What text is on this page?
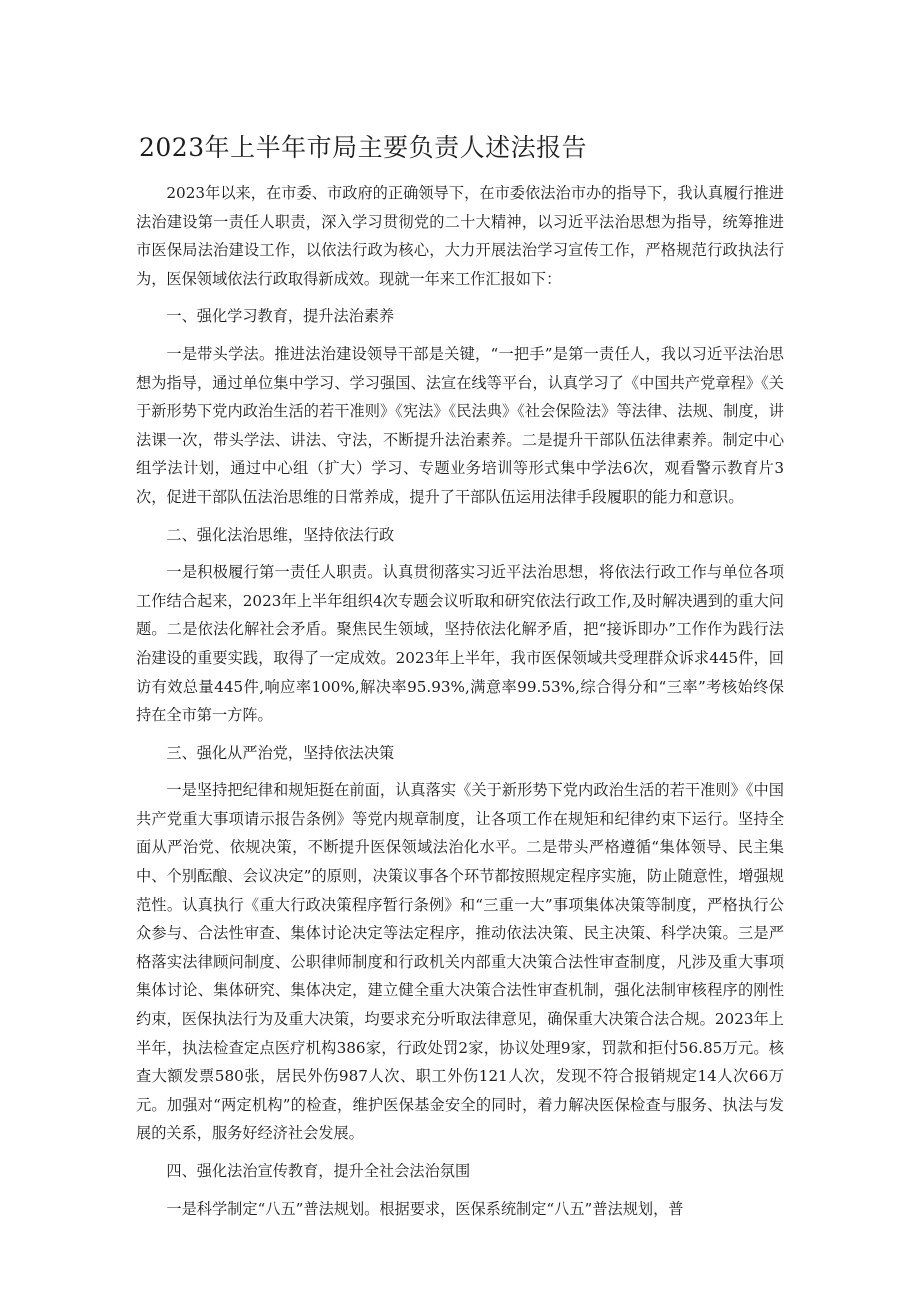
2023年上半年市局主要负责人述法报告

2023年以来，在市委、市政府的正确领导下，在市委依法治市办的指导下，我认真履行推进法治建设第一责任人职责，深入学习贯彻党的二十大精神，以习近平法治思想为指导，统筹推进市医保局法治建设工作，以依法行政为核心，大力开展法治学习宣传工作，严格规范行政执法行为，医保领域依法行政取得新成效。现就一年来工作汇报如下：

一、强化学习教育，提升法治素养

一是带头学法。推进法治建设领导干部是关键，“一把手”是第一责任人，我以习近平法治思想为指导，通过单位集中学习、学习强国、法宣在线等平台，认真学习了《中国共产党章程》《关于新形势下党内政治生活的若干准则》《宪法》《民法典》《社会保险法》等法律、法规、制度，讲法课一次，带头学法、讲法、守法，不断提升法治素养。二是提升干部队伍法律素养。制定中心组学法计划，通过中心组（扩大）学习、专题业务培训等形式集中学法6次，观看警示教育片3次，促进干部队伍法治思维的日常养成，提升了干部队伍运用法律手段履职的能力和意识。

二、强化法治思维，坚持依法行政

一是积极履行第一责任人职责。认真贯彻落实习近平法治思想，将依法行政工作与单位各项工作结合起来，2023年上半年组织4次专题会议听取和研究依法行政工作,及时解决遇到的重大问题。二是依法化解社会矛盾。聚焦民生领域，坚持依法化解矛盾，把“接诉即办”工作作为践行法治建设的重要实践，取得了一定成效。2023年上半年，我市医保领域共受理群众诉求445件，回访有效总量445件,响应率100%,解决率95.93%,满意率99.53%,综合得分和“三率”考核始终保持在全市第一方阵。

三、强化从严治党，坚持依法决策

一是坚持把纪律和规矩挺在前面，认真落实《关于新形势下党内政治生活的若干准则》《中国共产党重大事项请示报告条例》等党内规章制度，让各项工作在规矩和纪律约束下运行。坚持全面从严治党、依规决策，不断提升医保领域法治化水平。二是带头严格遵循“集体领导、民主集中、个别酝酿、会议决定”的原则，决策议事各个环节都按照规定程序实施，防止随意性，增强规范性。认真执行《重大行政决策程序暂行条例》和“三重一大”事项集体决策等制度，严格执行公众参与、合法性审查、集体讨论决定等法定程序，推动依法决策、民主决策、科学决策。三是严格落实法律顾问制度、公职律师制度和行政机关内部重大决策合法性审查制度，凡涉及重大事项集体讨论、集体研究、集体决定，建立健全重大决策合法性审查机制，强化法制审核程序的刚性约束，医保执法行为及重大决策，均要求充分听取法律意见，确保重大决策合法合规。2023年上半年，执法检查定点医疗机构386家，行政处罚2家，协议处理9家，罚款和拒付56.85万元。核查大额发票580张，居民外伤987人次、职工外伤121人次，发现不符合报销规定14人次66万元。加强对“两定机构”的检查，维护医保基金安全的同时，着力解决医保检查与服务、执法与发展的关系，服务好经济社会发展。

四、强化法治宣传教育，提升全社会法治氛围

一是科学制定“八五”普法规划。根据要求，医保系统制定“八五”普法规划，普
